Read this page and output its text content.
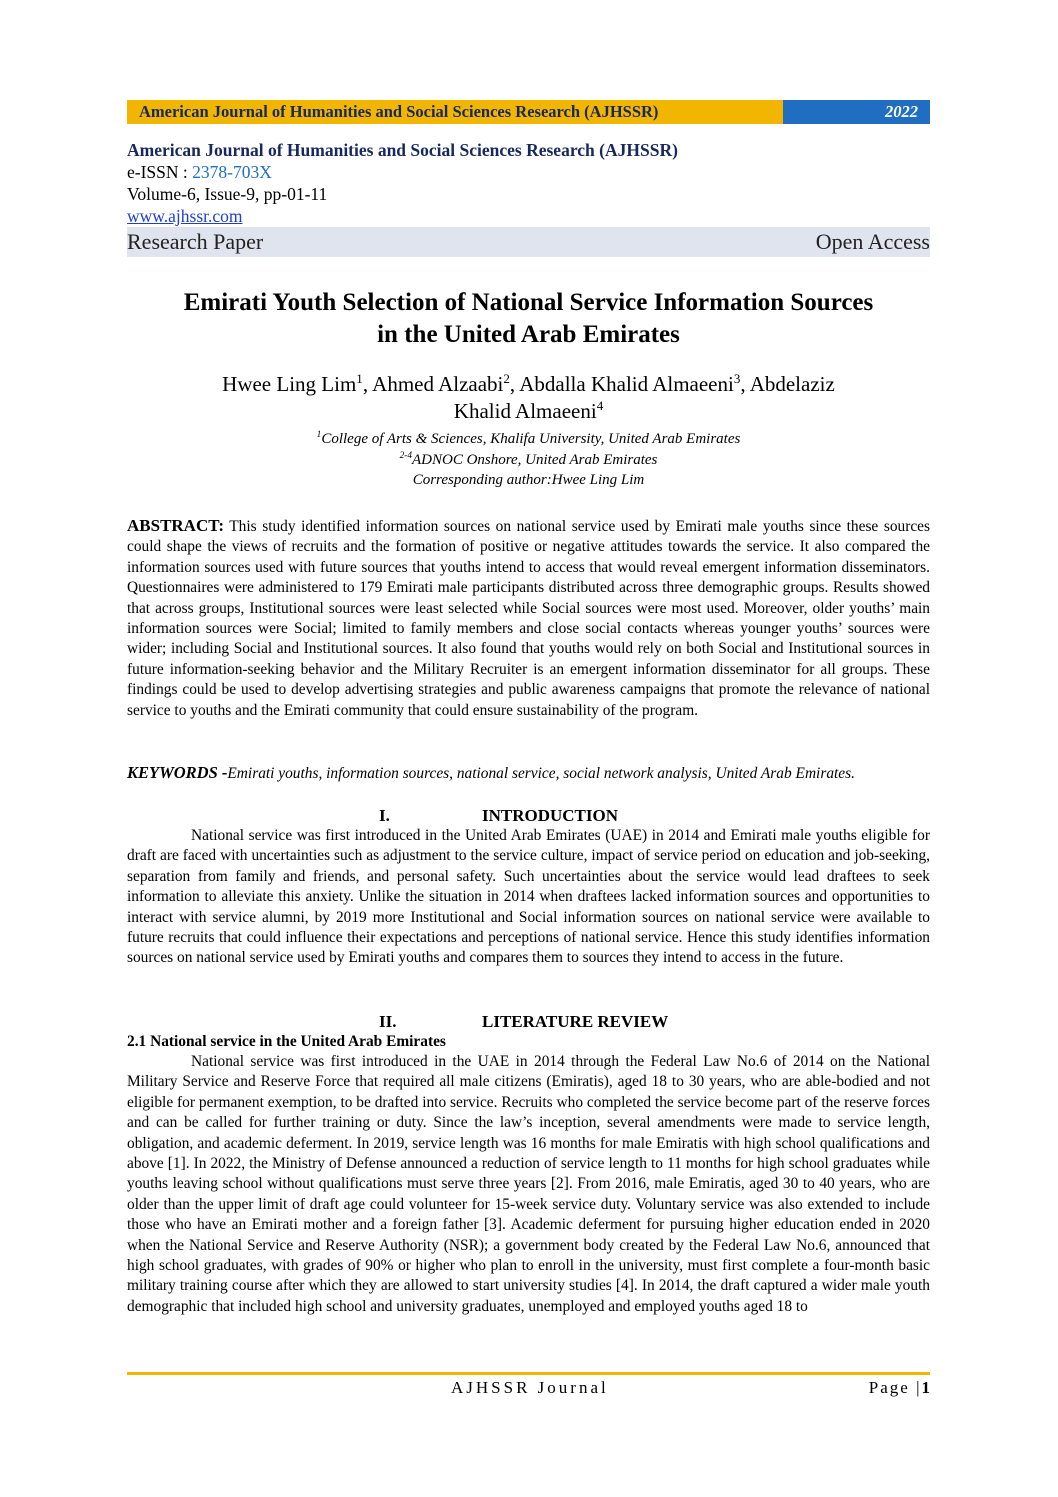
American Journal of Humanities and Social Sciences Research (AJHSSR)	2022
American Journal of Humanities and Social Sciences Research (AJHSSR)
e-ISSN : 2378-703X
Volume-6, Issue-9, pp-01-11
www.ajhssr.com
Research Paper	Open Access
Emirati Youth Selection of National Service Information Sources
in the United Arab Emirates
Hwee Ling Lim$^1$, Ahmed Alzaabi$^2$, Abdalla Khalid Almaeeni$^3$, Abdelaziz
Khalid Almaeeni$^4$
$^1$College of Arts & Sciences, Khalifa University, United Arab Emirates
$^{2-4}$ADNOC Onshore, United Arab Emirates
Corresponding author:Hwee Ling Lim
ABSTRACT: This study identified information sources on national service used by Emirati male youths since these sources could shape the views of recruits and the formation of positive or negative attitudes towards the service. It also compared the information sources used with future sources that youths intend to access that would reveal emergent information disseminators. Questionnaires were administered to 179 Emirati male participants distributed across three demographic groups. Results showed that across groups, Institutional sources were least selected while Social sources were most used. Moreover, older youths’ main information sources were Social; limited to family members and close social contacts whereas younger youths’ sources were wider; including Social and Institutional sources. It also found that youths would rely on both Social and Institutional sources in future information-seeking behavior and the Military Recruiter is an emergent information disseminator for all groups. These findings could be used to develop advertising strategies and public awareness campaigns that promote the relevance of national service to youths and the Emirati community that could ensure sustainability of the program.
KEYWORDS -Emirati youths, information sources, national service, social network analysis, United Arab Emirates.
I.	INTRODUCTION
National service was first introduced in the United Arab Emirates (UAE) in 2014 and Emirati male youths eligible for draft are faced with uncertainties such as adjustment to the service culture, impact of service period on education and job-seeking, separation from family and friends, and personal safety. Such uncertainties about the service would lead draftees to seek information to alleviate this anxiety. Unlike the situation in 2014 when draftees lacked information sources and opportunities to interact with service alumni, by 2019 more Institutional and Social information sources on national service were available to future recruits that could influence their expectations and perceptions of national service. Hence this study identifies information sources on national service used by Emirati youths and compares them to sources they intend to access in the future.
II.	LITERATURE REVIEW
2.1 National service in the United Arab Emirates
National service was first introduced in the UAE in 2014 through the Federal Law No.6 of 2014 on the National Military Service and Reserve Force that required all male citizens (Emiratis), aged 18 to 30 years, who are able-bodied and not eligible for permanent exemption, to be drafted into service. Recruits who completed the service become part of the reserve forces and can be called for further training or duty. Since the law’s inception, several amendments were made to service length, obligation, and academic deferment. In 2019, service length was 16 months for male Emiratis with high school qualifications and above [1]. In 2022, the Ministry of Defense announced a reduction of service length to 11 months for high school graduates while youths leaving school without qualifications must serve three years [2]. From 2016, male Emiratis, aged 30 to 40 years, who are older than the upper limit of draft age could volunteer for 15-week service duty. Voluntary service was also extended to include those who have an Emirati mother and a foreign father [3]. Academic deferment for pursuing higher education ended in 2020 when the National Service and Reserve Authority (NSR); a government body created by the Federal Law No.6, announced that high school graduates, with grades of 90% or higher who plan to enroll in the university, must first complete a four-month basic military training course after which they are allowed to start university studies [4]. In 2014, the draft captured a wider male youth demographic that included high school and university graduates, unemployed and employed youths aged 18 to
AJHSSR Journal	Page |1
